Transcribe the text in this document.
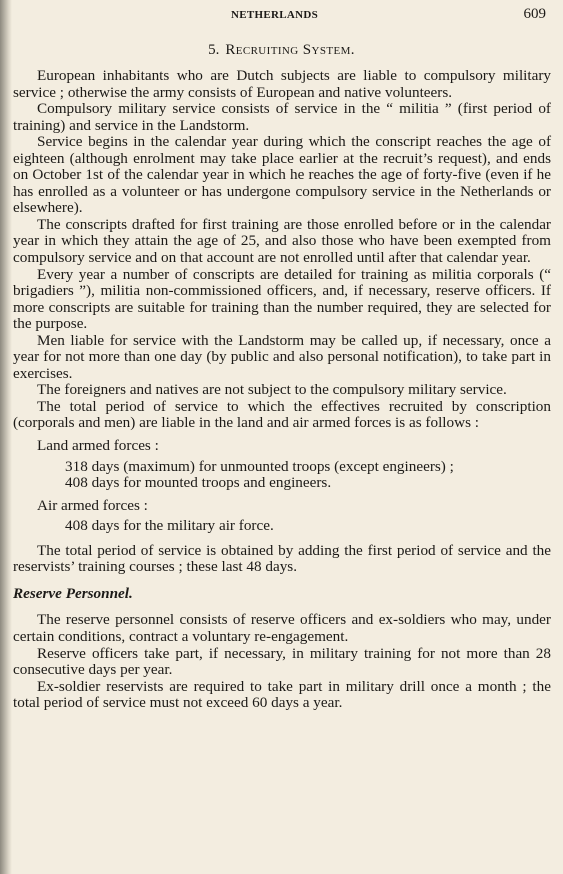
NETHERLANDS	609
5. Recruiting System.

European inhabitants who are Dutch subjects are liable to compulsory military service ; otherwise the army consists of European and native volunteers.

Compulsory military service consists of service in the “ militia ” (first period of training) and service in the Landstorm.

Service begins in the calendar year during which the conscript reaches the age of eighteen (although enrolment may take place earlier at the recruit’s request), and ends on October 1st of the calendar year in which he reaches the age of forty-five (even if he has enrolled as a volunteer or has undergone compulsory service in the Netherlands or elsewhere).

The conscripts drafted for first training are those enrolled before or in the calendar year in which they attain the age of 25, and also those who have been exempted from compulsory service and on that account are not enrolled until after that calendar year.

Every year a number of conscripts are detailed for training as militia corporals (“ brigadiers ”), militia non-commissioned officers, and, if necessary, reserve officers. If more conscripts are suitable for training than the number required, they are selected for the purpose.

Men liable for service with the Landstorm may be called up, if necessary, once a year for not more than one day (by public and also personal notification), to take part in exercises.

The foreigners and natives are not subject to the compulsory military service.

The total period of service to which the effectives recruited by conscription (corporals and men) are liable in the land and air armed forces is as follows :

Land armed forces :

318 days (maximum) for unmounted troops (except engineers) ;

408 days for mounted troops and engineers.

Air armed forces :

408 days for the military air force.

The total period of service is obtained by adding the first period of service and the reservists’ training courses ; these last 48 days.

Reserve Personnel.

The reserve personnel consists of reserve officers and ex-soldiers who may, under certain conditions, contract a voluntary re-engagement.

Reserve officers take part, if necessary, in military training for not more than 28 consecutive days per year.

Ex-soldier reservists are required to take part in military drill once a month ; the total period of service must not exceed 60 days a year.
